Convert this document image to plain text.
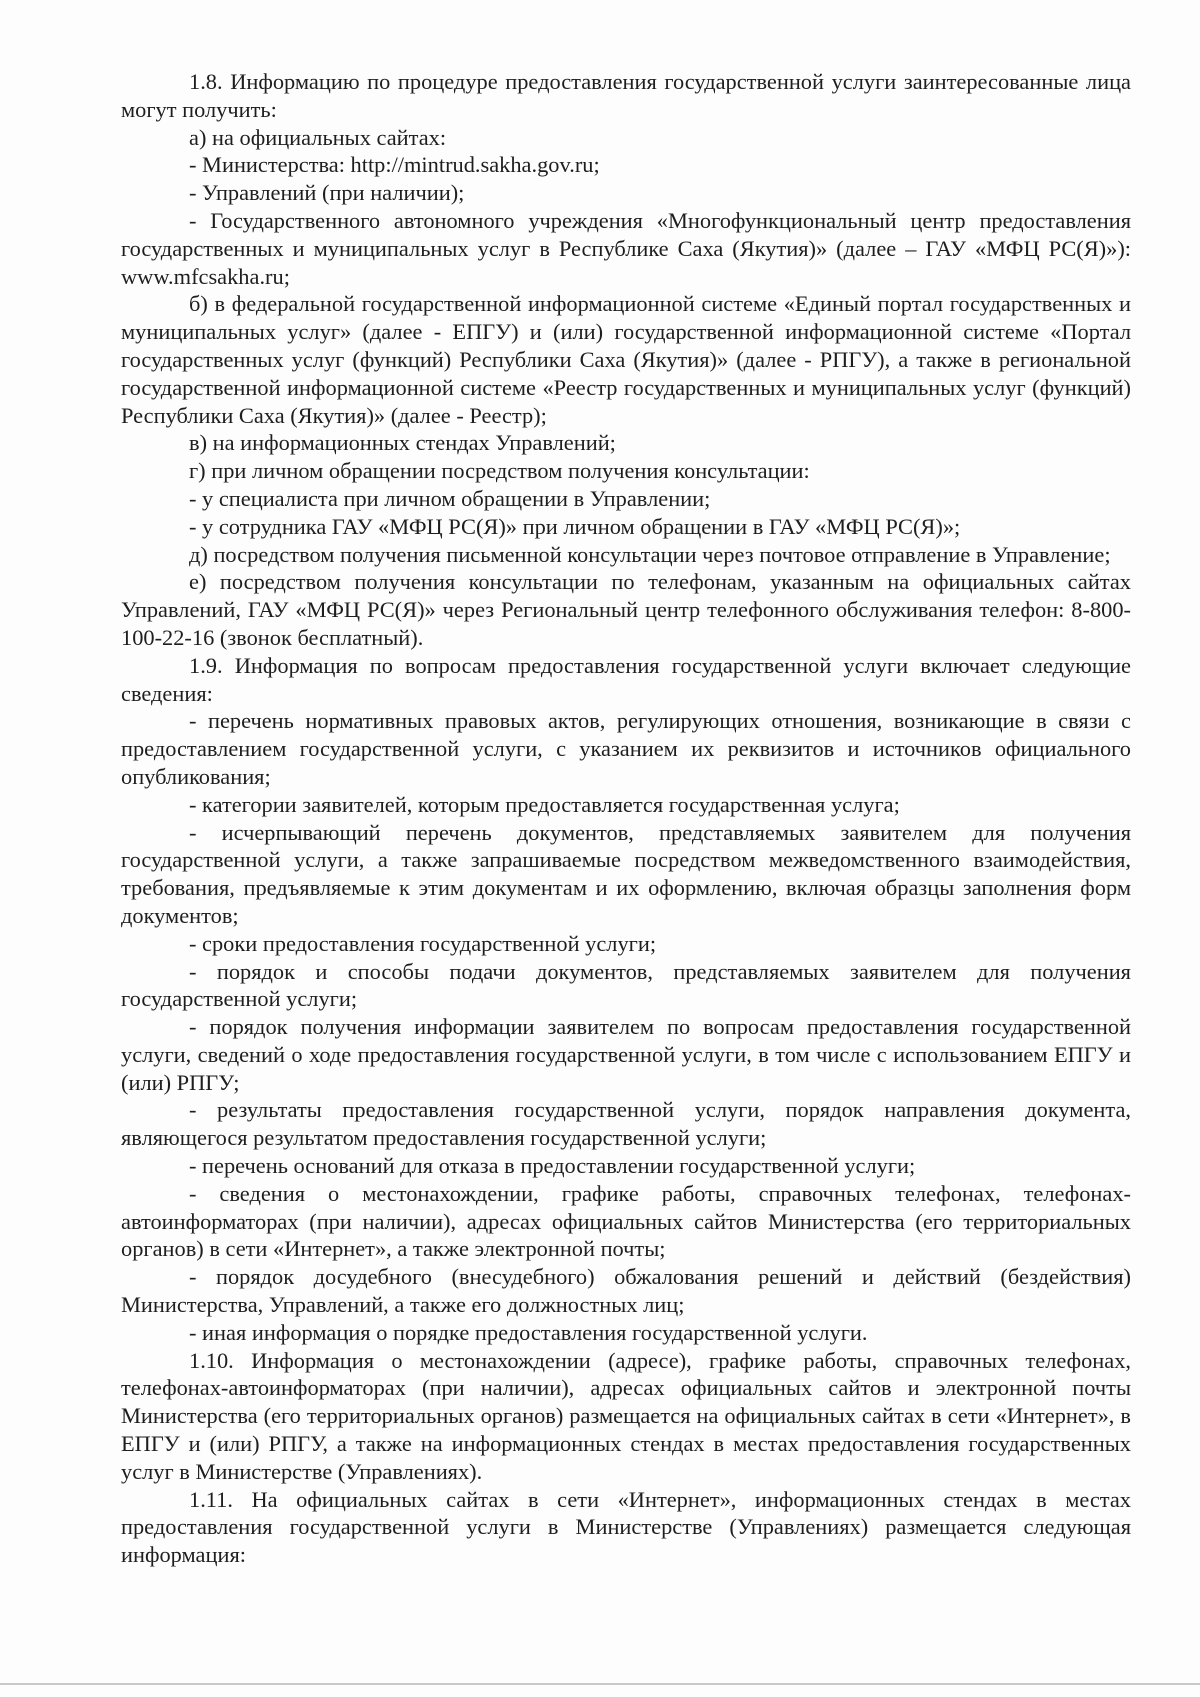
1.8. Информацию по процедуре предоставления государственной услуги заинтересованные лица могут получить:

а) на официальных сайтах:

- Министерства: http://mintrud.sakha.gov.ru;

- Управлений (при наличии);

- Государственного автономного учреждения «Многофункциональный центр предоставления государственных и муниципальных услуг в Республике Саха (Якутия)» (далее – ГАУ «МФЦ РС(Я)»): www.mfcsakha.ru;

б) в федеральной государственной информационной системе «Единый портал государственных и муниципальных услуг» (далее - ЕПГУ) и (или) государственной информационной системе «Портал государственных услуг (функций) Республики Саха (Якутия)» (далее - РПГУ), а также в региональной государственной информационной системе «Реестр государственных и муниципальных услуг (функций) Республики Саха (Якутия)» (далее - Реестр);

в) на информационных стендах Управлений;

г) при личном обращении посредством получения консультации:

- у специалиста при личном обращении в Управлении;

- у сотрудника ГАУ «МФЦ РС(Я)» при личном обращении в ГАУ «МФЦ РС(Я)»;

д) посредством получения письменной консультации через почтовое отправление в Управление;

е) посредством получения консультации по телефонам, указанным на официальных сайтах Управлений, ГАУ «МФЦ РС(Я)» через Региональный центр телефонного обслуживания телефон: 8-800-100-22-16 (звонок бесплатный).

1.9. Информация по вопросам предоставления государственной услуги включает следующие сведения:

- перечень нормативных правовых актов, регулирующих отношения, возникающие в связи с предоставлением государственной услуги, с указанием их реквизитов и источников официального опубликования;

- категории заявителей, которым предоставляется государственная услуга;

- исчерпывающий перечень документов, представляемых заявителем для получения государственной услуги, а также запрашиваемые посредством межведомственного взаимодействия, требования, предъявляемые к этим документам и их оформлению, включая образцы заполнения форм документов;

- сроки предоставления государственной услуги;

- порядок и способы подачи документов, представляемых заявителем для получения государственной услуги;

- порядок получения информации заявителем по вопросам предоставления государственной услуги, сведений о ходе предоставления государственной услуги, в том числе с использованием ЕПГУ и (или) РПГУ;

- результаты предоставления государственной услуги, порядок направления документа, являющегося результатом предоставления государственной услуги;

- перечень оснований для отказа в предоставлении государственной услуги;

- сведения о местонахождении, графике работы, справочных телефонах, телефонах-автоинформаторах (при наличии), адресах официальных сайтов Министерства (его территориальных органов) в сети «Интернет», а также электронной почты;

- порядок досудебного (внесудебного) обжалования решений и действий (бездействия) Министерства, Управлений, а также его должностных лиц;

- иная информация о порядке предоставления государственной услуги.

1.10. Информация о местонахождении (адресе), графике работы, справочных телефонах, телефонах-автоинформаторах (при наличии), адресах официальных сайтов и электронной почты Министерства (его территориальных органов) размещается на официальных сайтах в сети «Интернет», в ЕПГУ и (или) РПГУ, а также на информационных стендах в местах предоставления государственных услуг в Министерстве (Управлениях).

1.11. На официальных сайтах в сети «Интернет», информационных стендах в местах предоставления государственной услуги в Министерстве (Управлениях) размещается следующая информация:
